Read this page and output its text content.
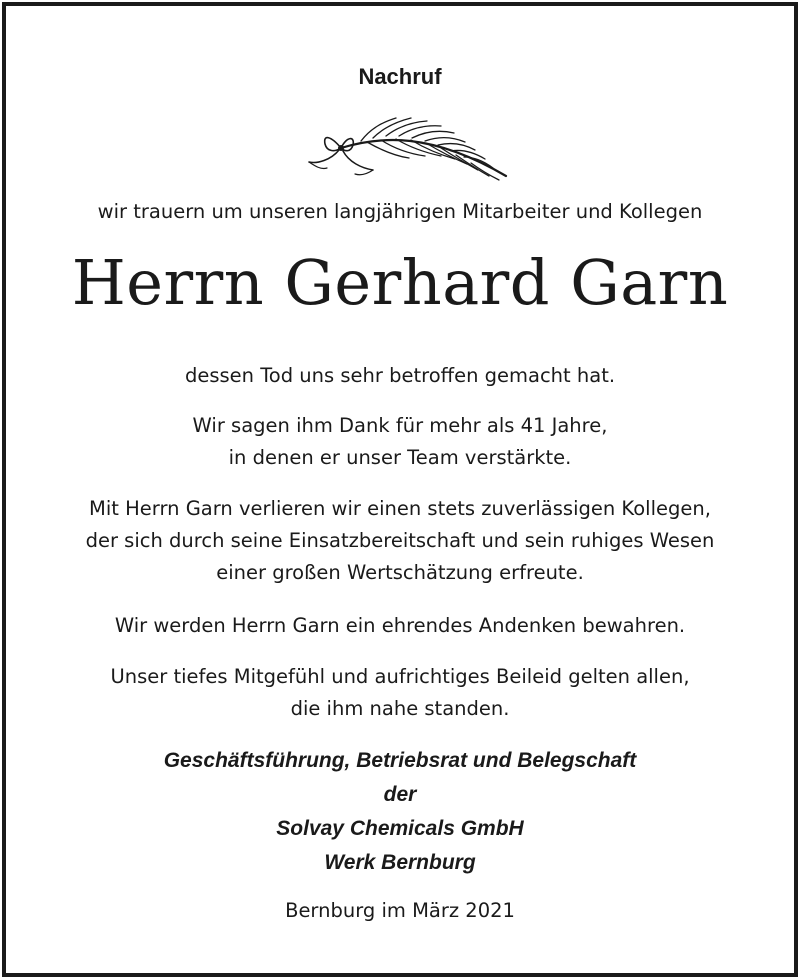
Nachruf
wir trauern um unseren langjährigen Mitarbeiter und Kollegen
Herrn Gerhard Garn
dessen Tod uns sehr betroffen gemacht hat.
Wir sagen ihm Dank für mehr als 41 Jahre,
in denen er unser Team verstärkte.
Mit Herrn Garn verlieren wir einen stets zuverlässigen Kollegen,
der sich durch seine Einsatzbereitschaft und sein ruhiges Wesen
einer großen Wertschätzung erfreute.
Wir werden Herrn Garn ein ehrendes Andenken bewahren.
Unser tiefes Mitgefühl und aufrichtiges Beileid gelten allen,
die ihm nahe standen.
Geschäftsführung, Betriebsrat und Belegschaft
der
Solvay Chemicals GmbH
Werk Bernburg
Bernburg im März 2021
